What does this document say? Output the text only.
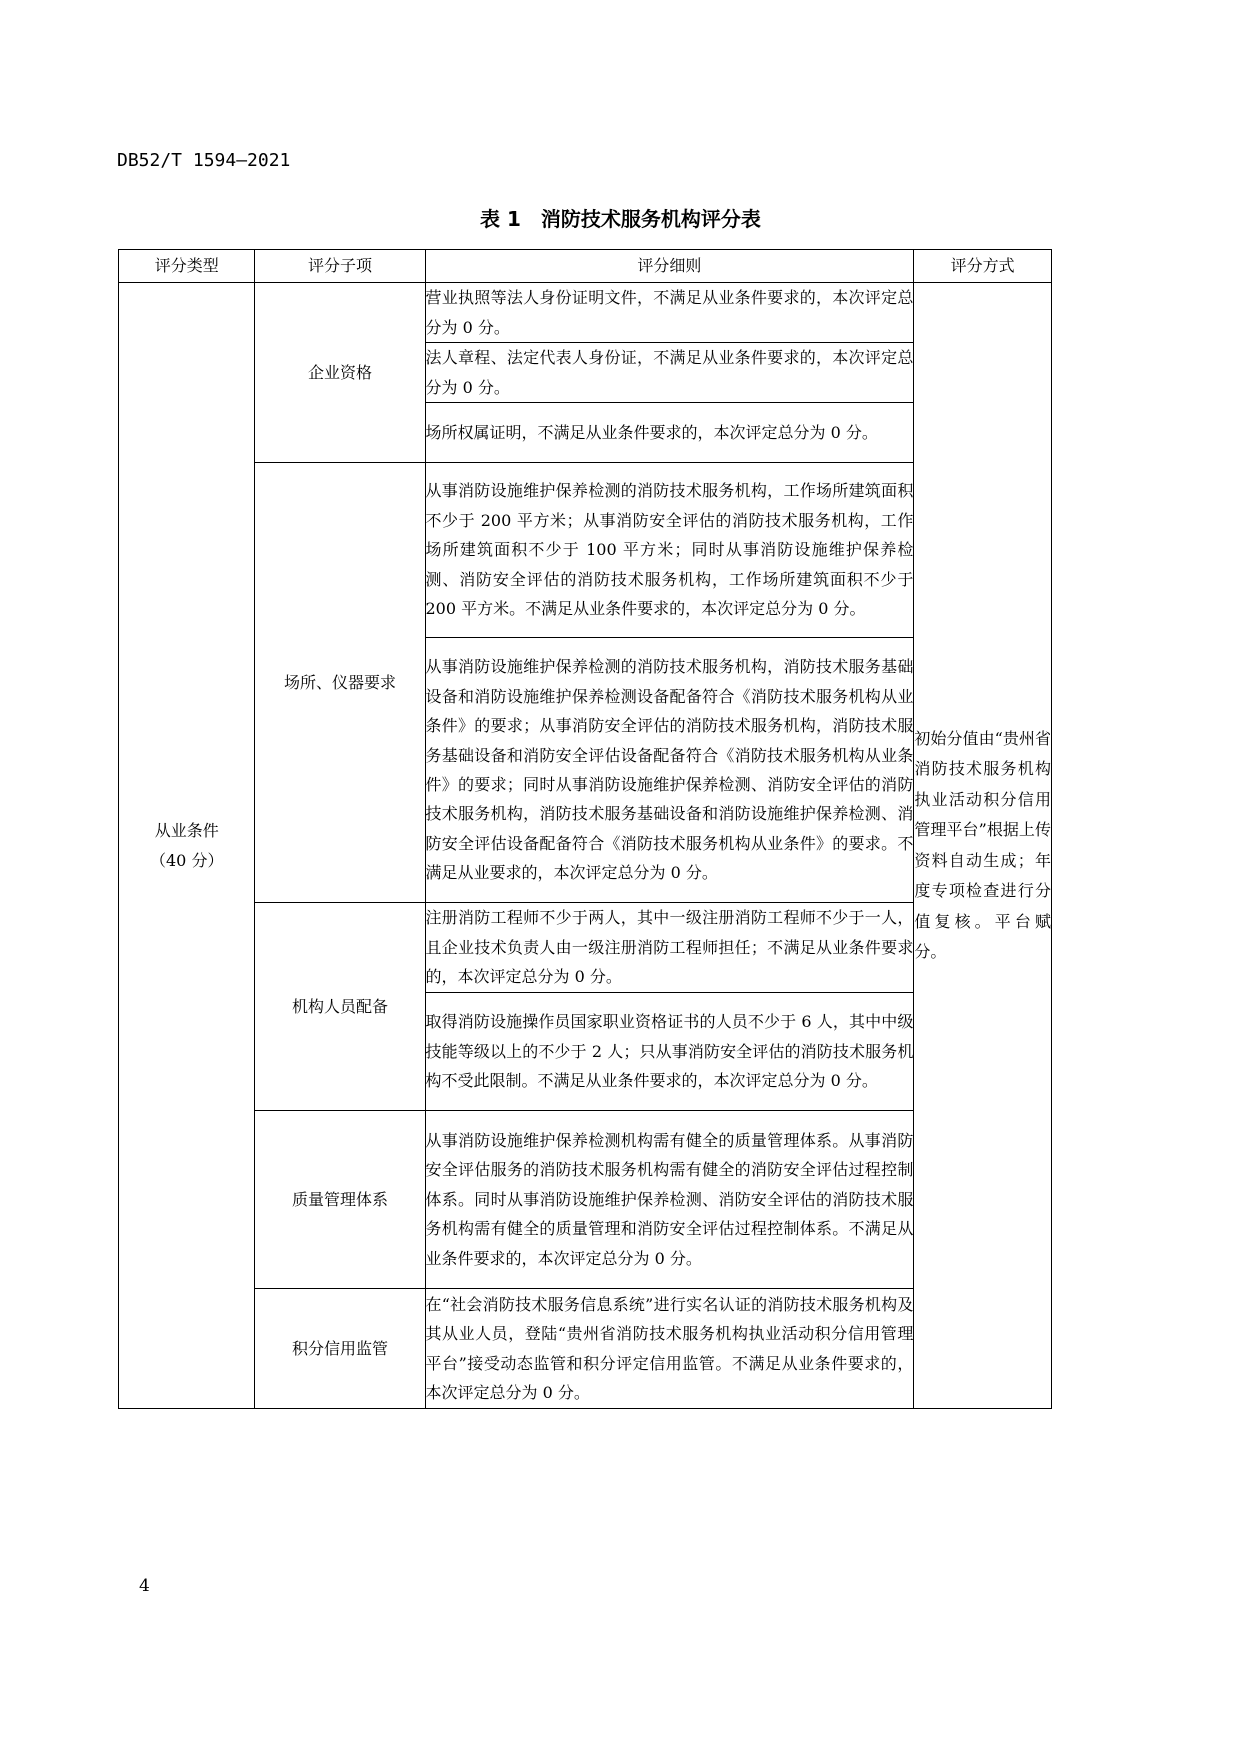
DB52/T 1594—2021
表 1　消防技术服务机构评分表
评分类型	评分子项	评分细则	评分方式
从业条件
（40 分）	企业资格	营业执照等法人身份证明文件，不满足从业条件要求的，本次评定总分为 0 分。	初始分值由“贵州省消防技术服务机构执业活动积分信用管理平台”根据上传资料自动生成；年度专项检查进行分值复核。平台赋分。
		法人章程、法定代表人身份证，不满足从业条件要求的，本次评定总分为 0 分。	
		场所权属证明，不满足从业条件要求的，本次评定总分为 0 分。	
	场所、仪器要求	从事消防设施维护保养检测的消防技术服务机构，工作场所建筑面积不少于 200 平方米；从事消防安全评估的消防技术服务机构，工作场所建筑面积不少于 100 平方米；同时从事消防设施维护保养检测、消防安全评估的消防技术服务机构，工作场所建筑面积不少于 200 平方米。不满足从业条件要求的，本次评定总分为 0 分。	
		从事消防设施维护保养检测的消防技术服务机构，消防技术服务基础设备和消防设施维护保养检测设备配备符合《消防技术服务机构从业条件》的要求；从事消防安全评估的消防技术服务机构，消防技术服务基础设备和消防安全评估设备配备符合《消防技术服务机构从业条件》的要求；同时从事消防设施维护保养检测、消防安全评估的消防技术服务机构，消防技术服务基础设备和消防设施维护保养检测、消防安全评估设备配备符合《消防技术服务机构从业条件》的要求。不满足从业要求的，本次评定总分为 0 分。	
	机构人员配备	注册消防工程师不少于两人，其中一级注册消防工程师不少于一人，且企业技术负责人由一级注册消防工程师担任；不满足从业条件要求的，本次评定总分为 0 分。	
		取得消防设施操作员国家职业资格证书的人员不少于 6 人，其中中级技能等级以上的不少于 2 人；只从事消防安全评估的消防技术服务机构不受此限制。不满足从业条件要求的，本次评定总分为 0 分。	
	质量管理体系	从事消防设施维护保养检测机构需有健全的质量管理体系。从事消防安全评估服务的消防技术服务机构需有健全的消防安全评估过程控制体系。同时从事消防设施维护保养检测、消防安全评估的消防技术服务机构需有健全的质量管理和消防安全评估过程控制体系。不满足从业条件要求的，本次评定总分为 0 分。	
	积分信用监管	在“社会消防技术服务信息系统”进行实名认证的消防技术服务机构及其从业人员，登陆“贵州省消防技术服务机构执业活动积分信用管理平台”接受动态监管和积分评定信用监管。不满足从业条件要求的，本次评定总分为 0 分。	
4
